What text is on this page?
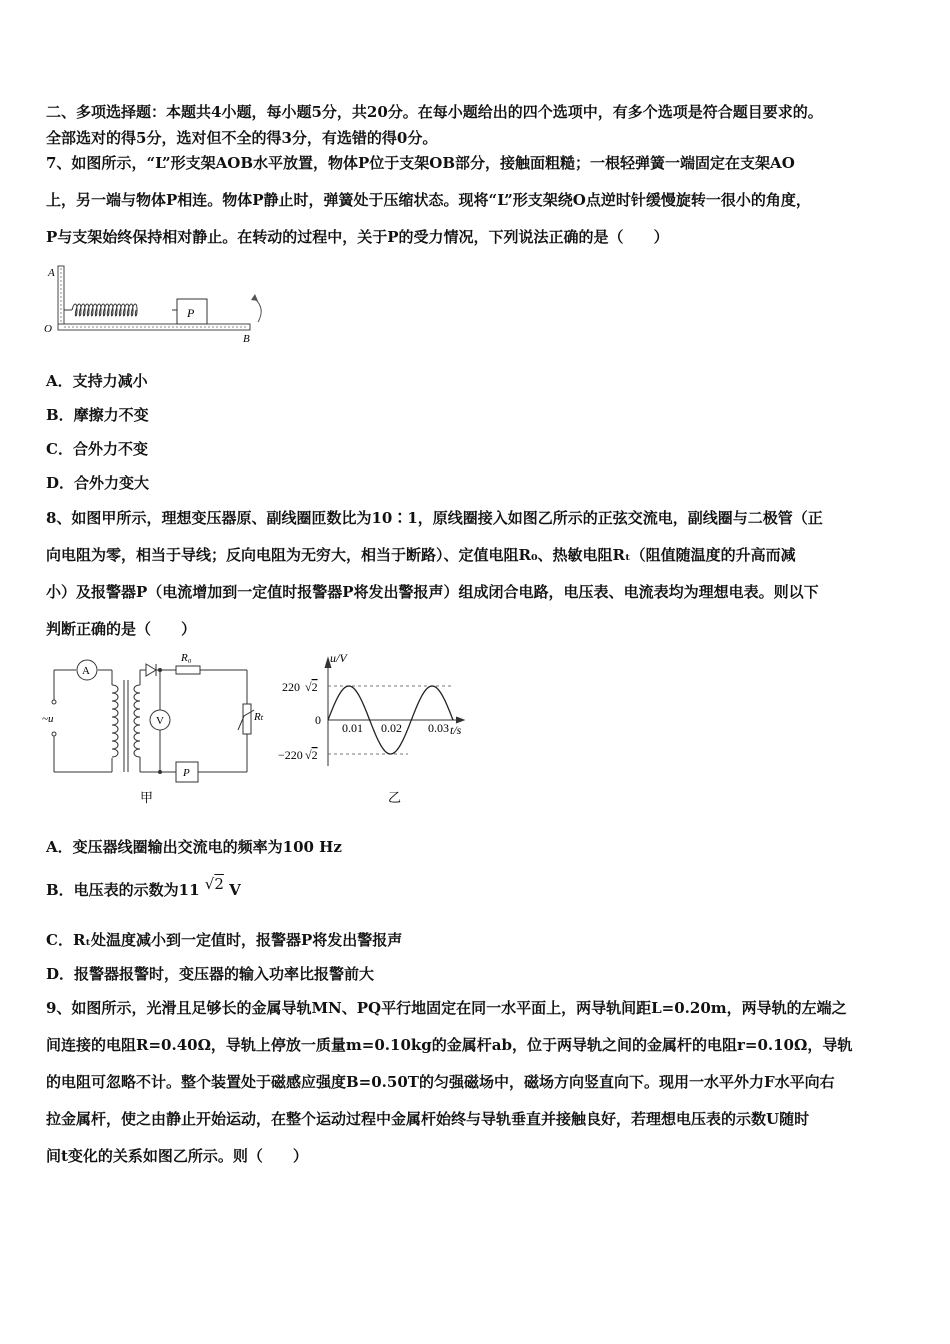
二、多项选择题：本题共4小题，每小题5分，共20分。在每小题给出的四个选项中，有多个选项是符合题目要求的。
全部选对的得5分，选对但不全的得3分，有选错的得0分。
7、如图所示，“L”形支架AOB水平放置，物体P位于支架OB部分，接触面粗糙；一根轻弹簧一端固定在支架AO
上，另一端与物体P相连。物体P静止时，弹簧处于压缩状态。现将“L”形支架绕O点逆时针缓慢旋转一很小的角度，
P与支架始终保持相对静止。在转动的过程中，关于P的受力情况，下列说法正确的是（　　）
P
A
O
B
A．支持力减小
B．摩擦力不变
C．合外力不变
D．合外力变大
8、如图甲所示，理想变压器原、副线圈匝数比为10∶1，原线圈接入如图乙所示的正弦交流电，副线圈与二极管（正
向电阻为零，相当于导线；反向电阻为无穷大，相当于断路）、定值电阻R₀、热敏电阻Rₜ（阻值随温度的升高而减
小）及报警器P（电流增加到一定值时报警器P将发出警报声）组成闭合电路，电压表、电流表均为理想电表。则以下
判断正确的是（　　）
A
~u
R₀
V	Rₜ
P
甲
u/V
t/s
0
220 √2
−220 √2
0.01 0.02 0.03
乙
A．变压器线圈输出交流电的频率为100 Hz
B．电压表的示数为11 √2 V
C．Rₜ处温度减小到一定值时，报警器P将发出警报声
D．报警器报警时，变压器的输入功率比报警前大
9、如图所示，光滑且足够长的金属导轨MN、PQ平行地固定在同一水平面上，两导轨间距L=0.20m，两导轨的左端之
间连接的电阻R=0.40Ω，导轨上停放一质量m=0.10kg的金属杆ab，位于两导轨之间的金属杆的电阻r=0.10Ω，导轨
的电阻可忽略不计。整个装置处于磁感应强度B=0.50T的匀强磁场中，磁场方向竖直向下。现用一水平外力F水平向右
拉金属杆，使之由静止开始运动，在整个运动过程中金属杆始终与导轨垂直并接触良好，若理想电压表的示数U随时
间t变化的关系如图乙所示。则（　　）
